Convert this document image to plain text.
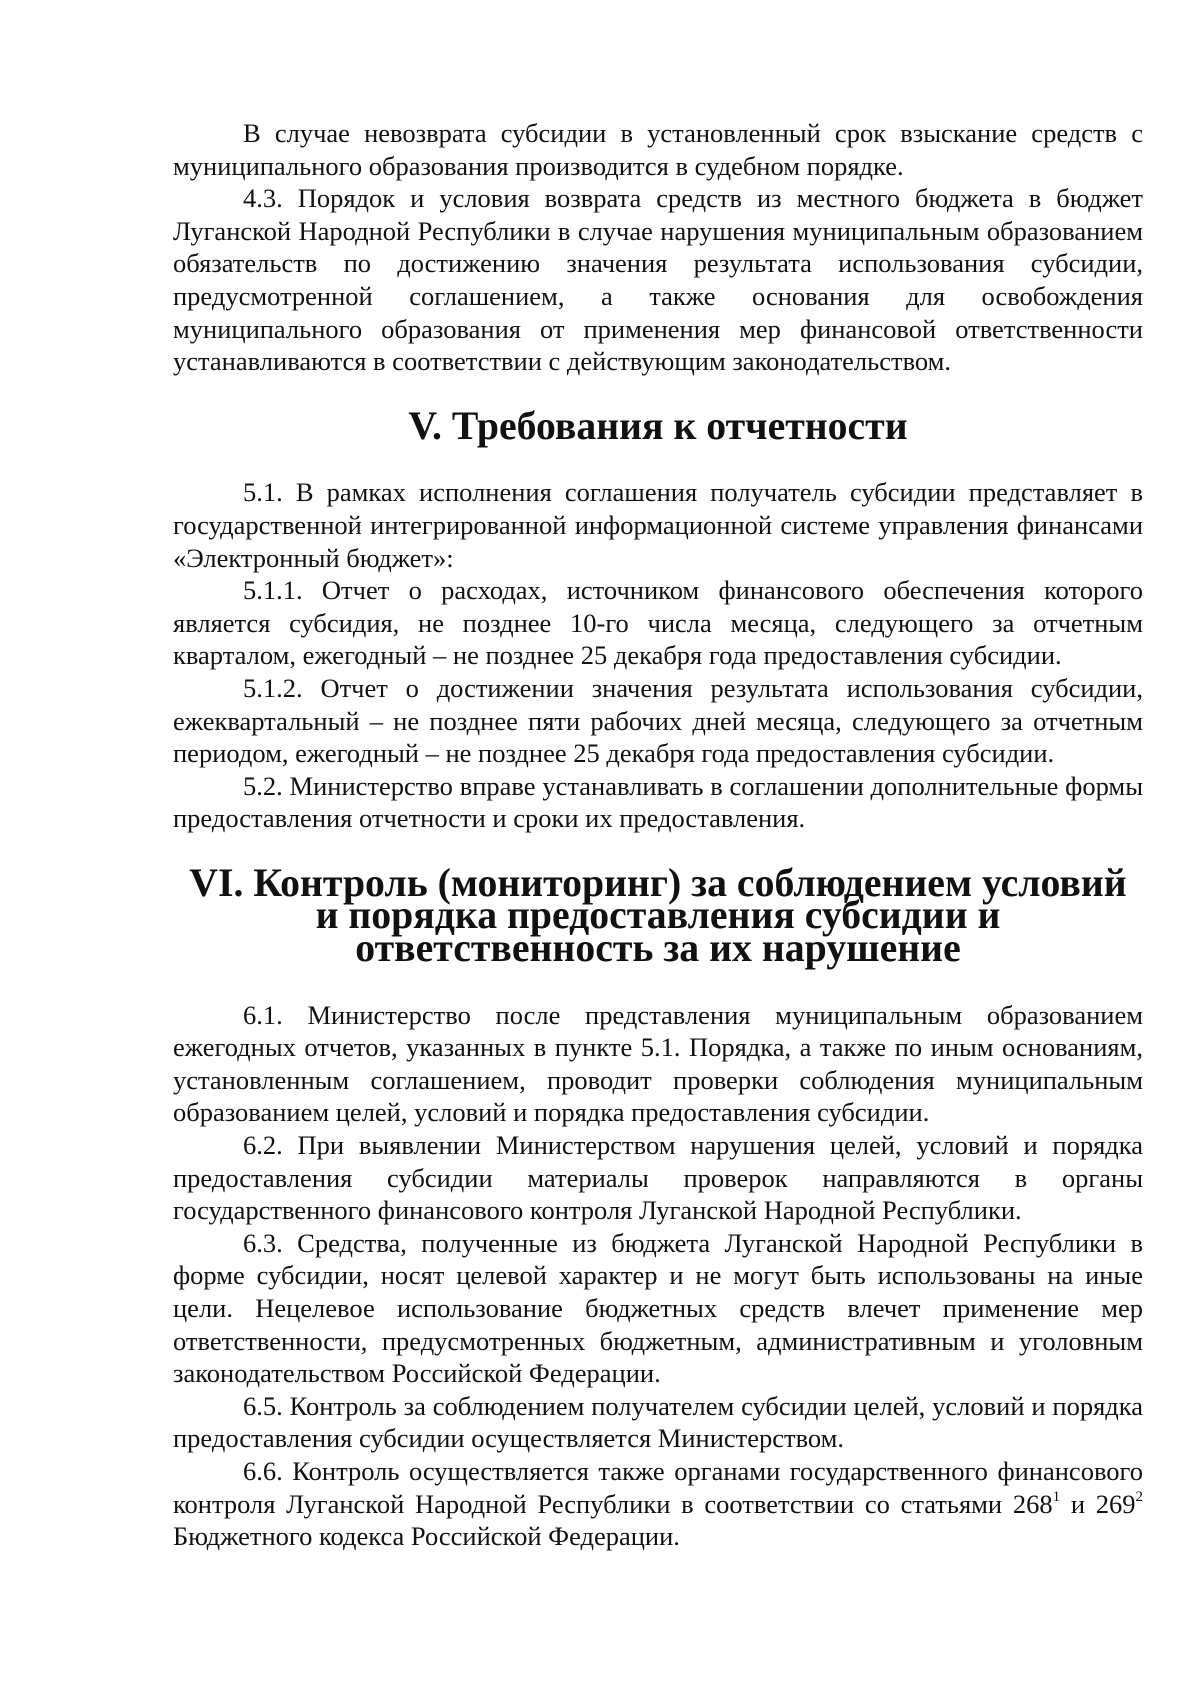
В случае невозврата субсидии в установленный срок взыскание средств с муниципального образования производится в судебном порядке.

4.3. Порядок и условия возврата средств из местного бюджета в бюджет Луганской Народной Республики в случае нарушения муниципальным образованием обязательств по достижению значения результата использования субсидии, предусмотренной соглашением, а также основания для освобождения муниципального образования от применения мер финансовой ответственности устанавливаются в соответствии с действующим законодательством.

V. Требования к отчетности

5.1. В рамках исполнения соглашения получатель субсидии представляет в государственной интегрированной информационной системе управления финансами «Электронный бюджет»:

5.1.1. Отчет о расходах, источником финансового обеспечения которого является субсидия, не позднее 10-го числа месяца, следующего за отчетным кварталом, ежегодный – не позднее 25 декабря года предоставления субсидии.

5.1.2. Отчет о достижении значения результата использования субсидии, ежеквартальный – не позднее пяти рабочих дней месяца, следующего за отчетным периодом, ежегодный – не позднее 25 декабря года предоставления субсидии.

5.2. Министерство вправе устанавливать в соглашении дополнительные формы предоставления отчетности и сроки их предоставления.

VI. Контроль (мониторинг) за соблюдением условий
и порядка предоставления субсидии и ответственность за их нарушение

6.1. Министерство после представления муниципальным образованием ежегодных отчетов, указанных в пункте 5.1. Порядка, а также по иным основаниям, установленным соглашением, проводит проверки соблюдения муниципальным образованием целей, условий и порядка предоставления субсидии.

6.2. При выявлении Министерством нарушения целей, условий и порядка предоставления субсидии материалы проверок направляются в органы государственного финансового контроля Луганской Народной Республики.

6.3. Средства, полученные из бюджета Луганской Народной Республики в форме субсидии, носят целевой характер и не могут быть использованы на иные цели. Нецелевое использование бюджетных средств влечет применение мер ответственности, предусмотренных бюджетным, административным и уголовным законодательством Российской Федерации.

6.5. Контроль за соблюдением получателем субсидии целей, условий и порядка предоставления субсидии осуществляется Министерством.

6.6. Контроль осуществляется также органами государственного финансового контроля Луганской Народной Республики в соответствии со статьями $268^1$ и $269^2$ Бюджетного кодекса Российской Федерации.
